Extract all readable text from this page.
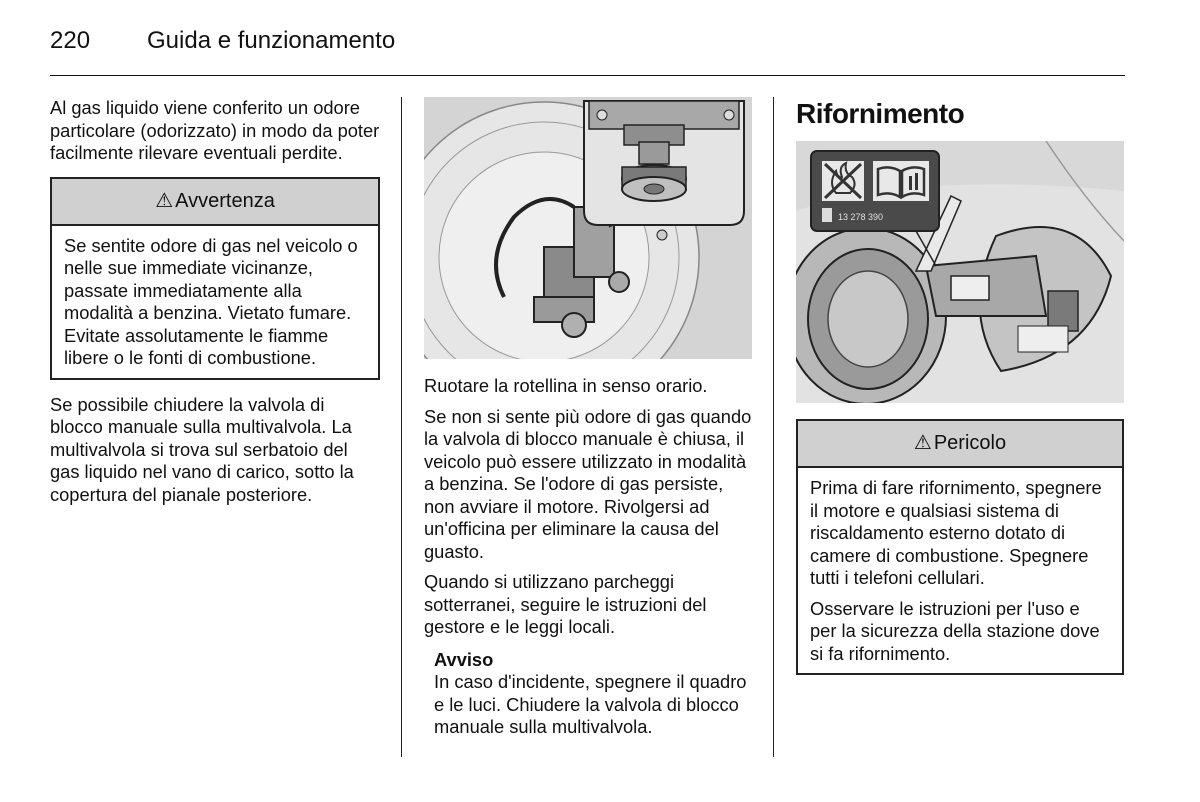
220 Guida e funzionamento

Al gas liquido viene conferito un odore particolare (odorizzato) in modo da poter facilmente rilevare eventuali perdite.

⚠ Avvertenza

Se sentite odore di gas nel veicolo o nelle sue immediate vicinanze, passate immediatamente alla modalità a benzina. Vietato fumare. Evitate assolutamente le fiamme libere o le fonti di combustione.

Se possibile chiudere la valvola di blocco manuale sulla multivalvola. La multivalvola si trova sul serbatoio del gas liquido nel vano di carico, sotto la copertura del pianale posteriore.

Ruotare la rotellina in senso orario.

Se non si sente più odore di gas quando la valvola di blocco manuale è chiusa, il veicolo può essere utilizzato in modalità a benzina. Se l'odore di gas persiste, non avviare il motore. Rivolgersi ad un'officina per eliminare la causa del guasto.

Quando si utilizzano parcheggi sotterranei, seguire le istruzioni del gestore e le leggi locali.

Avviso
In caso d'incidente, spegnere il quadro e le luci. Chiudere la valvola di blocco manuale sulla multivalvola.
Rifornimento
13 278 390
⚠ Pericolo

Prima di fare rifornimento, spegnere il motore e qualsiasi sistema di riscaldamento esterno dotato di camere di combustione. Spegnere tutti i telefoni cellulari.

Osservare le istruzioni per l'uso e per la sicurezza della stazione dove si fa rifornimento.
